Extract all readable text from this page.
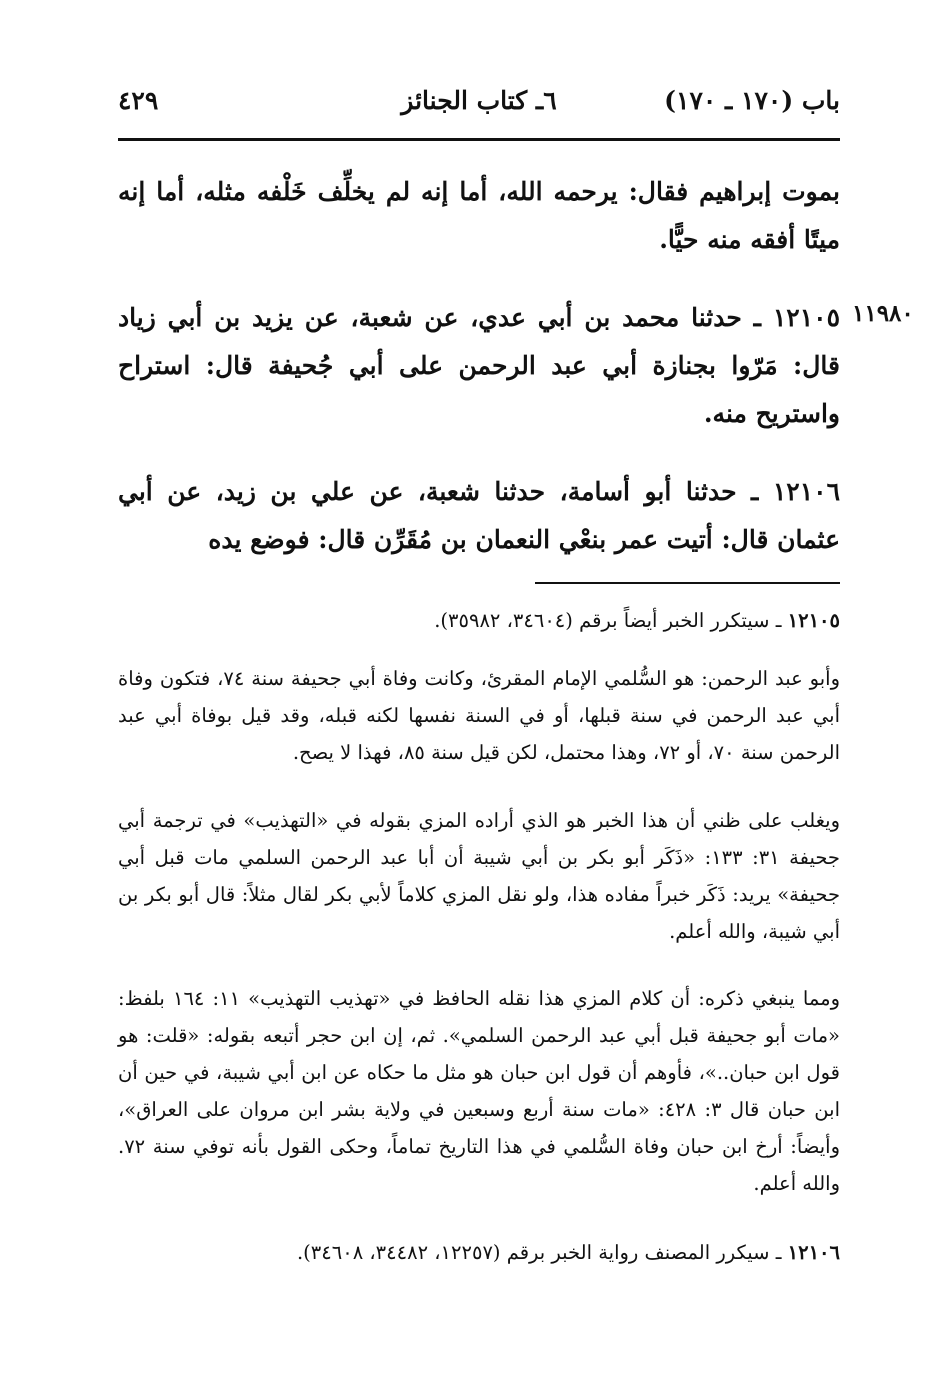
باب (١٧٠ ـ ١٧٠)
٦ـ كتاب الجنائز
٤٢٩
بموت إبراهيم فقال: يرحمه الله، أما إنه لم يخلِّف خَلْفه مثله، أما إنه ميتًا أفقه منه حيًّا.
١١٩٨٠
١٢١٠٥ ـ حدثنا محمد بن أبي عدي، عن شعبة، عن يزيد بن أبي زياد قال: مَرّوا بجنازة أبي عبد الرحمن على أبي جُحيفة قال: استراح واستريح منه.
١٢١٠٦ ـ حدثنا أبو أسامة، حدثنا شعبة، عن علي بن زيد، عن أبي عثمان قال: أتيت عمر بنعْي النعمان بن مُقَرِّن قال: فوضع يده
١٢١٠٥ ـ سيتكرر الخبر أيضاً برقم (٣٤٦٠٤، ٣٥٩٨٢).
وأبو عبد الرحمن: هو السُّلمي الإمام المقرئ، وكانت وفاة أبي جحيفة سنة ٧٤، فتكون وفاة أبي عبد الرحمن في سنة قبلها، أو في السنة نفسها لكنه قبله، وقد قيل بوفاة أبي عبد الرحمن سنة ٧٠، أو ٧٢، وهذا محتمل، لكن قيل سنة ٨٥، فهذا لا يصح.
ويغلب على ظني أن هذا الخبر هو الذي أراده المزي بقوله في «التهذيب» في ترجمة أبي جحيفة ٣١: ١٣٣: «ذَكَر أبو بكر بن أبي شيبة أن أبا عبد الرحمن السلمي مات قبل أبي جحيفة» يريد: ذَكَر خبراً مفاده هذا، ولو نقل المزي كلاماً لأبي بكر لقال مثلاً: قال أبو بكر بن أبي شيبة، والله أعلم.
ومما ينبغي ذكره: أن كلام المزي هذا نقله الحافظ في «تهذيب التهذيب» ١١: ١٦٤ بلفظ: «مات أبو جحيفة قبل أبي عبد الرحمن السلمي». ثم، إن ابن حجر أتبعه بقوله: «قلت: هو قول ابن حبان..»، فأوهم أن قول ابن حبان هو مثل ما حكاه عن ابن أبي شيبة، في حين أن ابن حبان قال ٣: ٤٢٨: «مات سنة أربع وسبعين في ولاية بشر ابن مروان على العراق»، وأيضاً: أرخ ابن حبان وفاة السُّلمي في هذا التاريخ تماماً، وحكى القول بأنه توفي سنة ٧٢. والله أعلم.
١٢١٠٦ ـ سيكرر المصنف رواية الخبر برقم (١٢٢٥٧، ٣٤٤٨٢، ٣٤٦٠٨).
